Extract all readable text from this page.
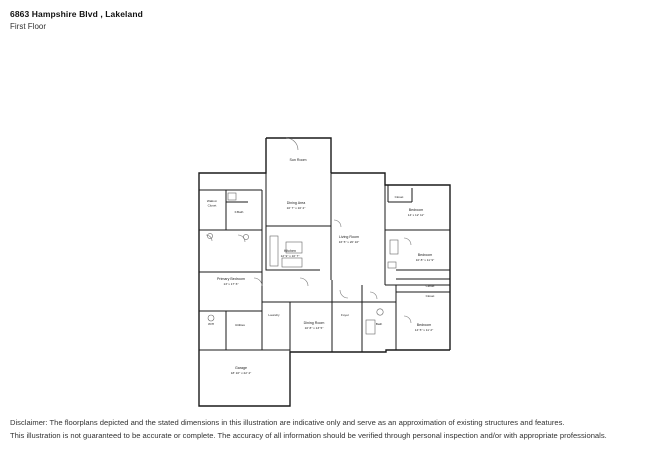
6863 Hampshire Blvd , Lakeland
First Floor
Sun Room
Walk-in
Closet
F.Bath
Dining Area
10' 7" x 10' 2"
Closet
Bedroom
14' x 12' 11"
Living Room
16' 5" x 20' 10"
Kitchen
12' 9" x 10' 7"	Bedroom
10' 8" x 11' 9"
Primary Bedroom
13' x 17' 6"	Closet
Closet
Laundry
Dining Room
10' 8" x 13' 5"
Foyer
Bath	Bedroom
14' 5" x 11' 2"
W/H	Utilities
Garage
18' 10" x 22' 4"
Disclaimer: The floorplans depicted and the stated dimensions in this illustration are indicative only and serve as an approximation of existing structures and features.
This illustration is not guaranteed to be accurate or complete. The accuracy of all information should be verified through personal inspection and/or with appropriate professionals.
